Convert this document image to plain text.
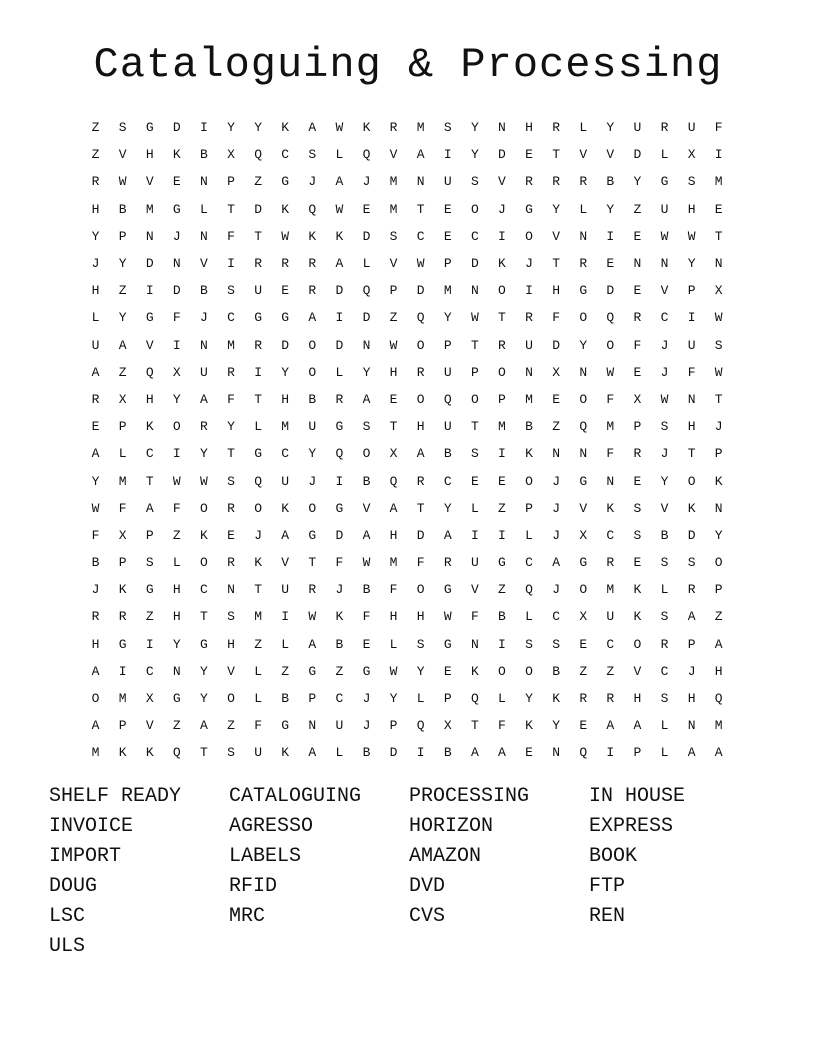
Cataloguing & Processing
Z	S	G	D	I	Y	Y	K	A	W	K	R	M	S	Y	N	H	R	L	Y	U	R	U	F
Z	V	H	K	B	X	Q	C	S	L	Q	V	A	I	Y	D	E	T	V	V	D	L	X	I
R	W	V	E	N	P	Z	G	J	A	J	M	N	U	S	V	R	R	R	B	Y	G	S	M
H	B	M	G	L	T	D	K	Q	W	E	M	T	E	O	J	G	Y	L	Y	Z	U	H	E
Y	P	N	J	N	F	T	W	K	K	D	S	C	E	C	I	O	V	N	I	E	W	W	T
J	Y	D	N	V	I	R	R	R	A	L	V	W	P	D	K	J	T	R	E	N	N	Y	N
H	Z	I	D	B	S	U	E	R	D	Q	P	D	M	N	O	I	H	G	D	E	V	P	X
L	Y	G	F	J	C	G	G	A	I	D	Z	Q	Y	W	T	R	F	O	Q	R	C	I	W
U	A	V	I	N	M	R	D	O	D	N	W	O	P	T	R	U	D	Y	O	F	J	U	S
A	Z	Q	X	U	R	I	Y	O	L	Y	H	R	U	P	O	N	X	N	W	E	J	F	W
R	X	H	Y	A	F	T	H	B	R	A	E	O	Q	O	P	M	E	O	F	X	W	N	T
E	P	K	O	R	Y	L	M	U	G	S	T	H	U	T	M	B	Z	Q	M	P	S	H	J
A	L	C	I	Y	T	G	C	Y	Q	O	X	A	B	S	I	K	N	N	F	R	J	T	P
Y	M	T	W	W	S	Q	U	J	I	B	Q	R	C	E	E	O	J	G	N	E	Y	O	K
W	F	A	F	O	R	O	K	O	G	V	A	T	Y	L	Z	P	J	V	K	S	V	K	N
F	X	P	Z	K	E	J	A	G	D	A	H	D	A	I	I	L	J	X	C	S	B	D	Y
B	P	S	L	O	R	K	V	T	F	W	M	F	R	U	G	C	A	G	R	E	S	S	O
J	K	G	H	C	N	T	U	R	J	B	F	O	G	V	Z	Q	J	O	M	K	L	R	P
R	R	Z	H	T	S	M	I	W	K	F	H	H	W	F	B	L	C	X	U	K	S	A	Z
H	G	I	Y	G	H	Z	L	A	B	E	L	S	G	N	I	S	S	E	C	O	R	P	A
A	I	C	N	Y	V	L	Z	G	Z	G	W	Y	E	K	O	O	B	Z	Z	V	C	J	H
O	M	X	G	Y	O	L	B	P	C	J	Y	L	P	Q	L	Y	K	R	R	H	S	H	Q
A	P	V	Z	A	Z	F	G	N	U	J	P	Q	X	T	F	K	Y	E	A	A	L	N	M
M	K	K	Q	T	S	U	K	A	L	B	D	I	B	A	A	E	N	Q	I	P	L	A	A
SHELF READY	CATALOGUING	PROCESSING	IN HOUSE
INVOICE	AGRESSO	HORIZON	EXPRESS
IMPORT	LABELS	AMAZON	BOOK
DOUG	RFID	DVD	FTP
LSC	MRC	CVS	REN
ULS
